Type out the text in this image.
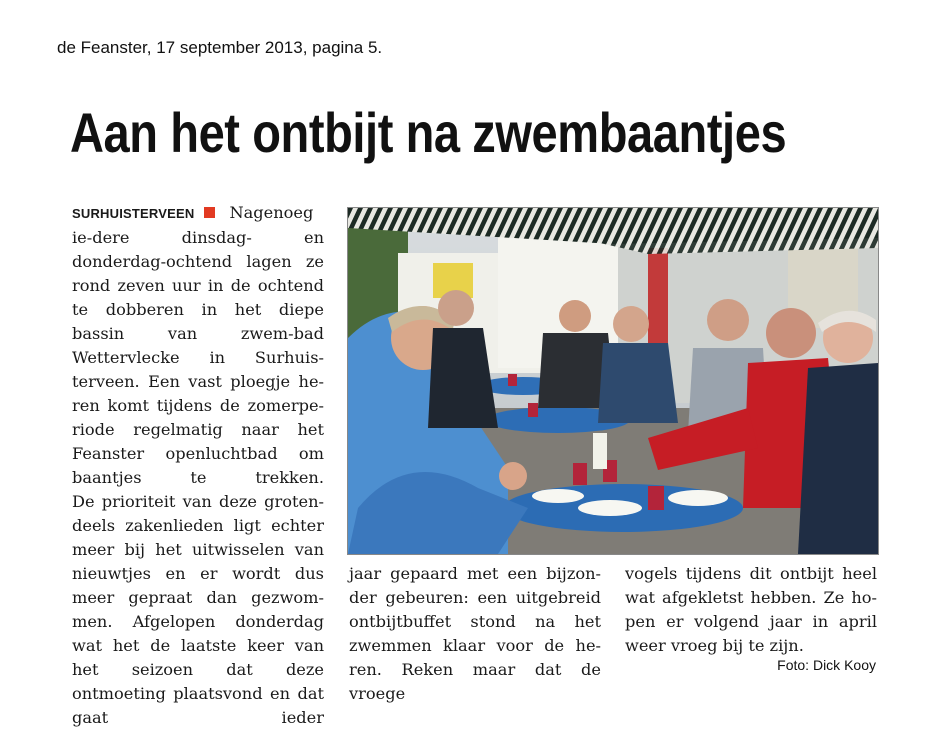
de Feanster, 17 september 2013, pagina 5.
Aan het ontbijt na zwembaantjes

SURHUISTERVEEN Nagenoeg ie-dere dinsdag- en donderdag-ochtend lagen ze rond zeven uur in de ochtend te dobberen in het diepe bassin van zwem-bad Wettervlecke in Surhuis-terveen. Een vast ploegje he-ren komt tijdens de zomerpe-riode regelmatig naar het Feanster openluchtbad om baantjes te trekken.

De prioriteit van deze groten-deels zakenlieden ligt echter meer bij het uitwisselen van nieuwtjes en er wordt dus meer gepraat dan gezwom-men. Afgelopen donderdag wat het de laatste keer van het seizoen dat deze ontmoeting plaatsvond en dat gaat ieder

jaar gepaard met een bijzon-der gebeuren: een uitgebreid ontbijtbuffet stond na het zwemmen klaar voor de he-ren. Reken maar dat de vroege

vogels tijdens dit ontbijt heel wat afgekletst hebben. Ze ho-pen er volgend jaar in april weer vroeg bij te zijn.

Foto: Dick Kooy
